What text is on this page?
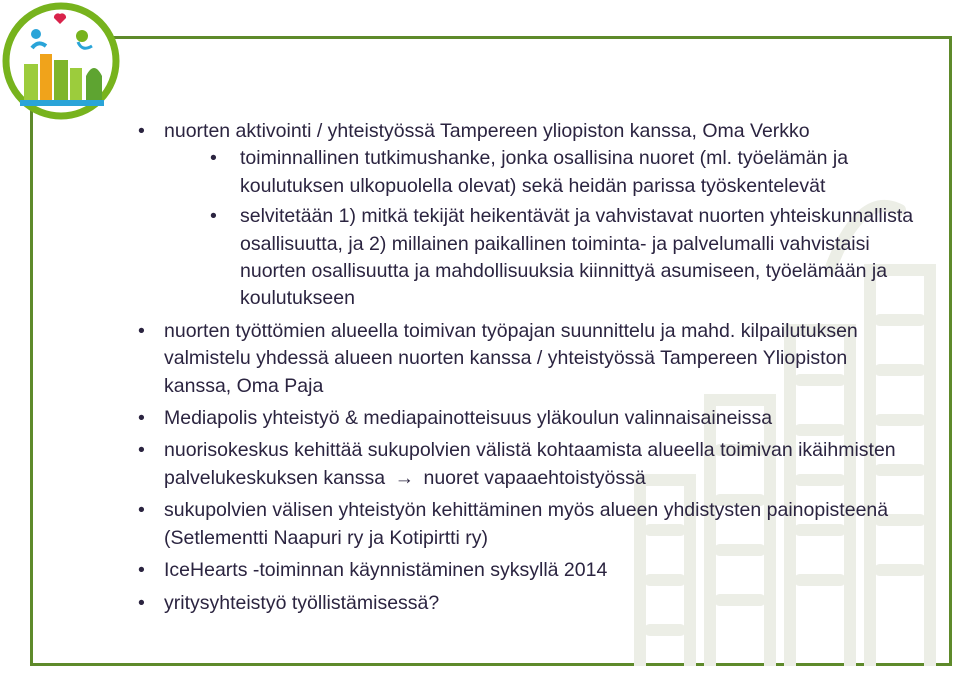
• nuorten aktivointi / yhteistyössä Tampereen yliopiston kanssa, Oma Verkko
• toiminnallinen tutkimushanke, jonka osallisina nuoret (ml. työelämän ja koulutuksen ulkopuolella olevat) sekä heidän parissa työskentelevät
• selvitetään 1) mitkä tekijät heikentävät ja vahvistavat nuorten yhteiskunnallista osallisuutta, ja 2) millainen paikallinen toiminta- ja palvelumalli vahvistaisi nuorten osallisuutta ja mahdollisuuksia kiinnittyä asumiseen, työelämään ja koulutukseen
• nuorten työttömien alueella toimivan työpajan suunnittelu ja mahd. kilpailutuksen valmistelu yhdessä alueen nuorten kanssa / yhteistyössä Tampereen Yliopiston kanssa, Oma Paja
• Mediapolis yhteistyö & mediapainotteisuus yläkoulun valinnaisaineissa
• nuorisokeskus kehittää sukupolvien välistä kohtaamista alueella toimivan ikäihmisten palvelukeskuksen kanssa → nuoret vapaaehtoistyössä
• sukupolvien välisen yhteistyön kehittäminen myös alueen yhdistysten painopisteenä (Setlementti Naapuri ry ja Kotipirtti ry)
• IceHearts -toiminnan käynnistäminen syksyllä 2014
• yritysyhteistyö työllistämisessä?
